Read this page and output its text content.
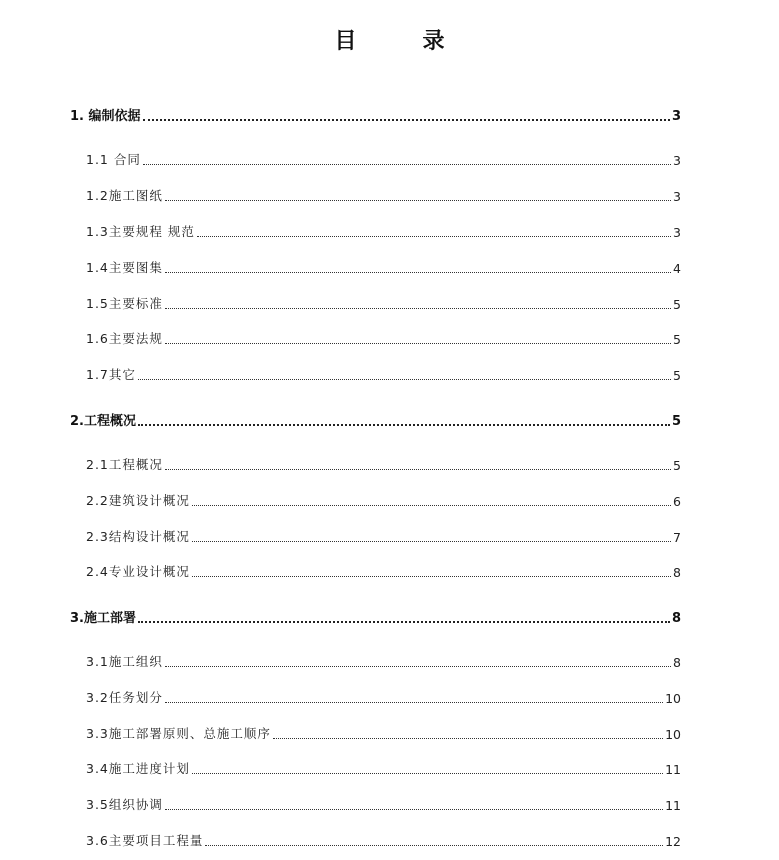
目　录
1. 编制依据	3
1.1 合同	3
1.2施工图纸	3
1.3主要规程 规范	3
1.4主要图集	4
1.5主要标准	5
1.6主要法规	5
1.7其它	5
2.工程概况	5
2.1工程概况	5
2.2建筑设计概况	6
2.3结构设计概况	7
2.4专业设计概况	8
3.施工部署	8
3.1施工组织	8
3.2任务划分	10
3.3施工部署原则、总施工顺序	10
3.4施工进度计划	11
3.5组织协调	11
3.6主要项目工程量	12
